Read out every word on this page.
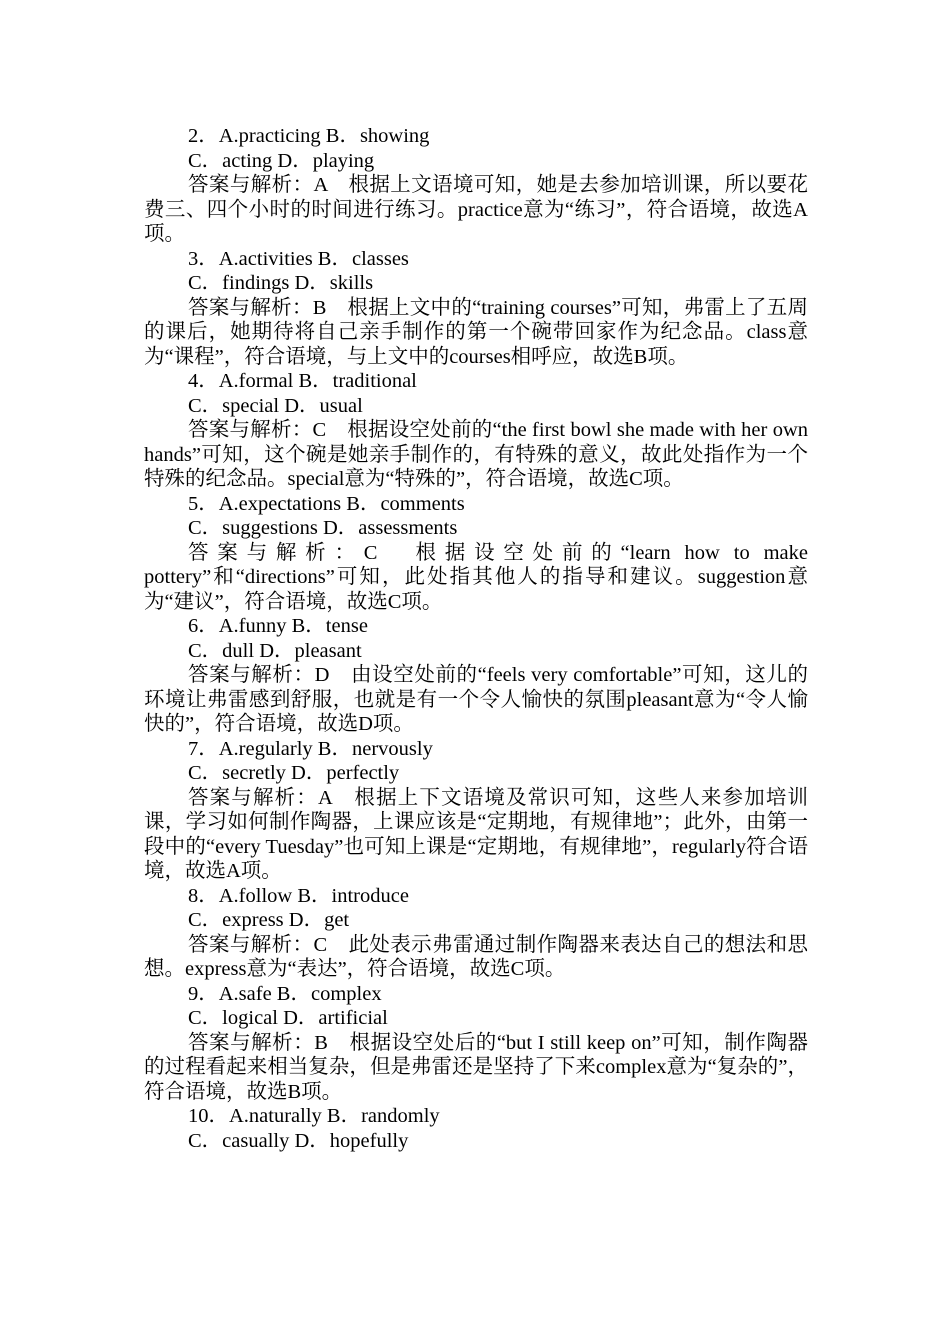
2．A.practicing B．showing

C．acting D．playing

答案与解析：A　根据上文语境可知，她是去参加培训课，所以要花费三、四个小时的时间进行练习。practice意为“练习”，符合语境，故选A项。

3．A.activities B．classes

C．findings D．skills

答案与解析：B　根据上文中的“training courses”可知，弗雷上了五周的课后，她期待将自己亲手制作的第一个碗带回家作为纪念品。class意为“课程”，符合语境，与上文中的courses相呼应，故选B项。

4．A.formal B．traditional

C．special D．usual

答案与解析：C　根据设空处前的“the first bowl she made with her own hands”可知，这个碗是她亲手制作的，有特殊的意义，故此处指作为一个特殊的纪念品。special意为“特殊的”，符合语境，故选C项。

5．A.expectations B．comments

C．suggestions D．assessments

答案与解析：C　根据设空处前的“learn how to make pottery”和“directions”可知，此处指其他人的指导和建议。suggestion意为“建议”，符合语境，故选C项。

6．A.funny B．tense

C．dull D．pleasant

答案与解析：D　由设空处前的“feels very comfortable”可知，这儿的环境让弗雷感到舒服，也就是有一个令人愉快的氛围pleasant意为“令人愉快的”，符合语境，故选D项。

7．A.regularly B．nervously

C．secretly D．perfectly

答案与解析：A　根据上下文语境及常识可知，这些人来参加培训课，学习如何制作陶器，上课应该是“定期地，有规律地”；此外，由第一段中的“every Tuesday”也可知上课是“定期地，有规律地”，regularly符合语境，故选A项。

8．A.follow B．introduce

C．express D．get

答案与解析：C　此处表示弗雷通过制作陶器来表达自己的想法和思想。express意为“表达”，符合语境，故选C项。

9．A.safe B．complex

C．logical D．artificial

答案与解析：B　根据设空处后的“but I still keep on”可知，制作陶器的过程看起来相当复杂，但是弗雷还是坚持了下来complex意为“复杂的”，符合语境，故选B项。

10．A.naturally B．randomly

C．casually D．hopefully
